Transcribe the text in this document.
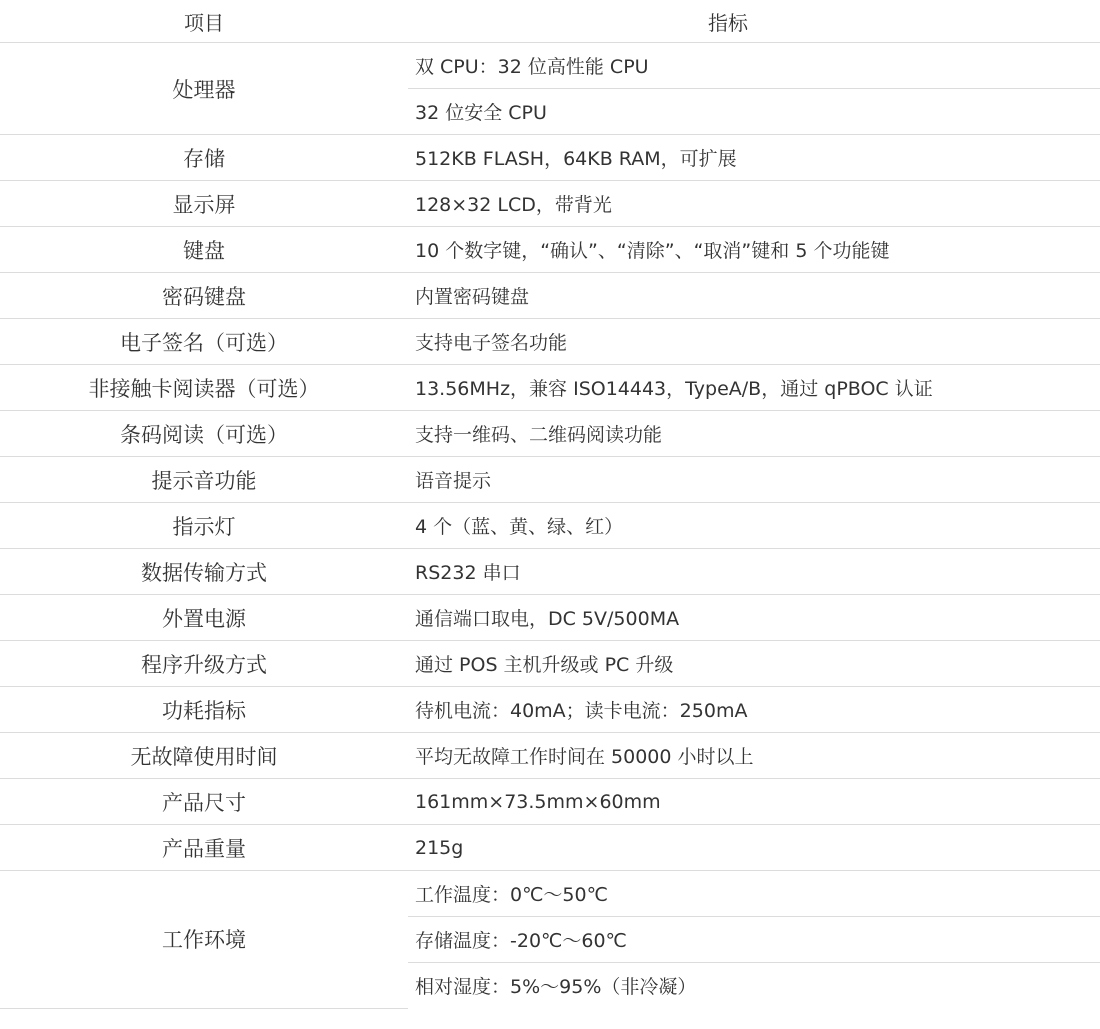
项目	指标
处理器	双 CPU：32 位高性能 CPU
	32 位安全 CPU
存储	512KB FLASH，64KB RAM，可扩展
显示屏	128×32 LCD，带背光
键盘	10 个数字键，“确认”、“清除”、“取消”键和 5 个功能键
密码键盘	内置密码键盘
电子签名（可选）	支持电子签名功能
非接触卡阅读器（可选）	13.56MHz，兼容 ISO14443，TypeA/B，通过 qPBOC 认证
条码阅读（可选）	支持一维码、二维码阅读功能
提示音功能	语音提示
指示灯	4 个（蓝、黄、绿、红）
数据传输方式	RS232 串口
外置电源	通信端口取电，DC 5V/500MA
程序升级方式	通过 POS 主机升级或 PC 升级
功耗指标	待机电流：40mA；读卡电流：250mA
无故障使用时间	平均无故障工作时间在 50000 小时以上
产品尺寸	161mm×73.5mm×60mm
产品重量	215g
工作环境	工作温度：0℃～50℃
	存储温度：-20℃～60℃
	相对湿度：5%～95%（非冷凝）
